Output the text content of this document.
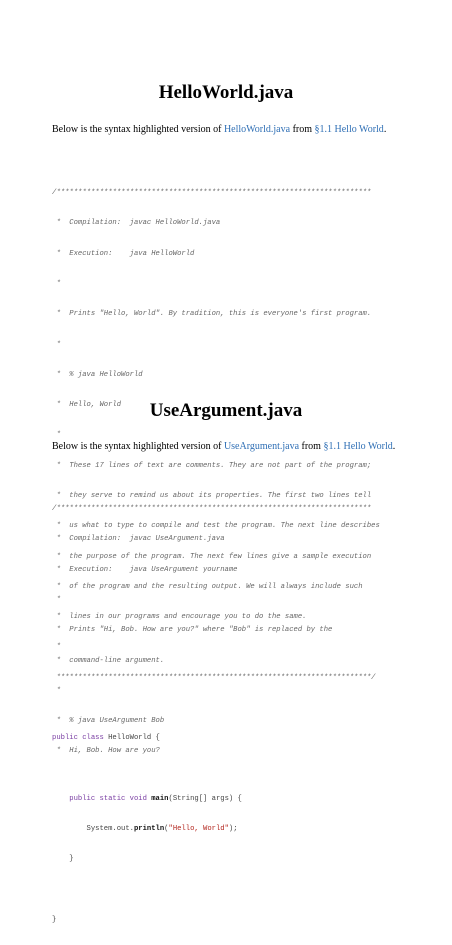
HelloWorld.java
Below is the syntax highlighted version of HelloWorld.java from §1.1 Hello World.

/*************************************************************************

*  Compilation:  javac HelloWorld.java

*  Execution:    java HelloWorld

*

*  Prints "Hello, World". By tradition, this is everyone's first program.

*

*  % java HelloWorld

*  Hello, World

*

*  These 17 lines of text are comments. They are not part of the program;

*  they serve to remind us about its properties. The first two lines tell

*  us what to type to compile and test the program. The next line describes

*  the purpose of the program. The next few lines give a sample execution

*  of the program and the resulting output. We will always include such

*  lines in our programs and encourage you to do the same.

*

*************************************************************************/

public class HelloWorld {

public static void main(String[] args) {

System.out.println("Hello, World");

}

}

UseArgument.java
Below is the syntax highlighted version of UseArgument.java from §1.1 Hello World.

/*************************************************************************

*  Compilation:  javac UseArgument.java

*  Execution:    java UseArgument yourname

*

*  Prints "Hi, Bob. How are you?" where "Bob" is replaced by the

*  command-line argument.

*

*  % java UseArgument Bob

*  Hi, Bob. How are you?
